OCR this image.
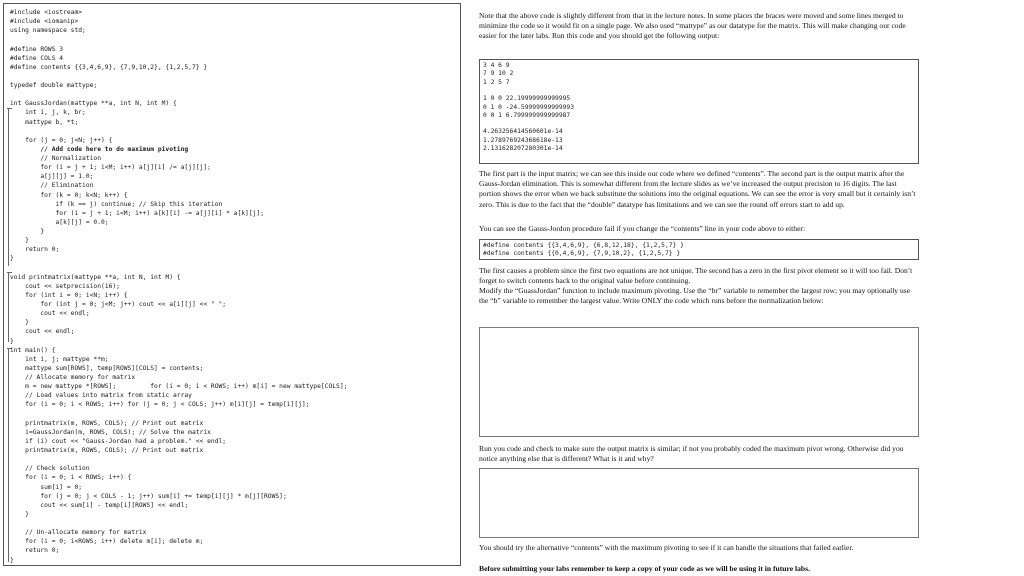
#include <iostream>
#include <iomanip>
using namespace std;
#define ROWS 3
#define COLS 4
#define contents {{3,4,6,9}, {7,9,10,2}, {1,2,5,7} }
typedef double mattype;
int GaussJordan(mattype **a, int N, int M) {
int i, j, k, br;
mattype b, *t;
for (j = 0; j<N; j++) {
// Add code here to do maximum pivoting
// Normalization
for (i = j + 1; i<M; i++) a[j][i] /= a[j][j];
a[j][j] = 1.0;
// Elimination
for (k = 0; k<N; k++) {
if (k == j) continue; // Skip this iteration
for (i = j + 1; i<M; i++) a[k][i] -= a[j][i] * a[k][j];
a[k][j] = 0.0;
}
}
return 0;
}
void printmatrix(mattype **a, int N, int M) {
cout << setprecision(16);
for (int i = 0; i<N; i++) {
for (int j = 0; j<M; j++) cout << a[i][j] << " ";
cout << endl;
}
cout << endl;
}
int main() {
int i, j; mattype **m;
mattype sum[ROWS], temp[ROWS][COLS] = contents;
// Allocate memory for matrix
m = new mattype *[ROWS];         for (i = 0; i < ROWS; i++) m[i] = new mattype[COLS];
// Load values into matrix from static array
for (i = 0; i < ROWS; i++) for (j = 0; j < COLS; j++) m[i][j] = temp[i][j];
printmatrix(m, ROWS, COLS); // Print out matrix
i=GaussJordan(m, ROWS, COLS); // Solve the matrix
if (i) cout << "Gauss-Jordan had a problem." << endl;
printmatrix(m, ROWS, COLS); // Print out matrix
// Check solution
for (i = 0; i < ROWS; i++) {
sum[i] = 0;
for (j = 0; j < COLS - 1; j++) sum[i] += temp[i][j] * m[j][ROWS];
cout << sum[i] - temp[i][ROWS] << endl;
}
// Un-allocate memory for matrix
for (i = 0; i<ROWS; i++) delete m[i]; delete m;
return 0;
}

Note that the above code is slightly different from that in the lecture notes. In some places the braces were moved and some lines merged to minimize the code so it would fit on a single page. We also used “mattype” as our datatype for the matrix. This will make changing our code easier for the later labs. Run this code and you should get the following output:

3 4 6 9
7 9 10 2
1 2 5 7
1 0 0 22.19999999999995
0 1 0 -24.59999999999993
0 0 1 6.799999999999987
4.263256414560601e-14
1.278976924368618e-13
2.131628207280301e-14

The first part is the input matrix; we can see this inside our code where we defined “contents”. The second part is the output matrix after the Gauss-Jordan elimination. This is somewhat different from the lecture slides as we’ve increased the output precision to 16 digits. The last portion shows the error when we back substitute the solutions into the original equations. We can see the error is very small but it certainly isn’t zero. This is due to the fact that the “double” datatype has limitations and we can see the round off errors start to add up.

You can see the Gauss-Jordon procedure fail if you change the “contents” line in your code above to either:

#define contents {{3,4,6,9}, {6,8,12,18}, {1,2,5,7} }
#define contents {{0,4,6,9}, {7,9,10,2}, {1,2,5,7} }

The first causes a problem since the first two equations are not unique. The second has a zero in the first pivot element so it will too fail. Don’t forget to switch contents back to the original value before continuing.

Modify the “GuassJordan” function to include maximum pivoting. Use the “br” variable to remember the largest row; you may optionally use the “b” variable to remember the largest value. Write ONLY the code which runs before the normalization below:

Run you code and check to make sure the output matrix is similar; if not you probably coded the maximum pivot wrong. Otherwise did you notice anything else that is different? What is it and why?

You should try the alternative “contents” with the maximum pivoting to see if it can handle the situations that failed earlier.

Before submitting your labs remember to keep a copy of your code as we will be using it in future labs.
